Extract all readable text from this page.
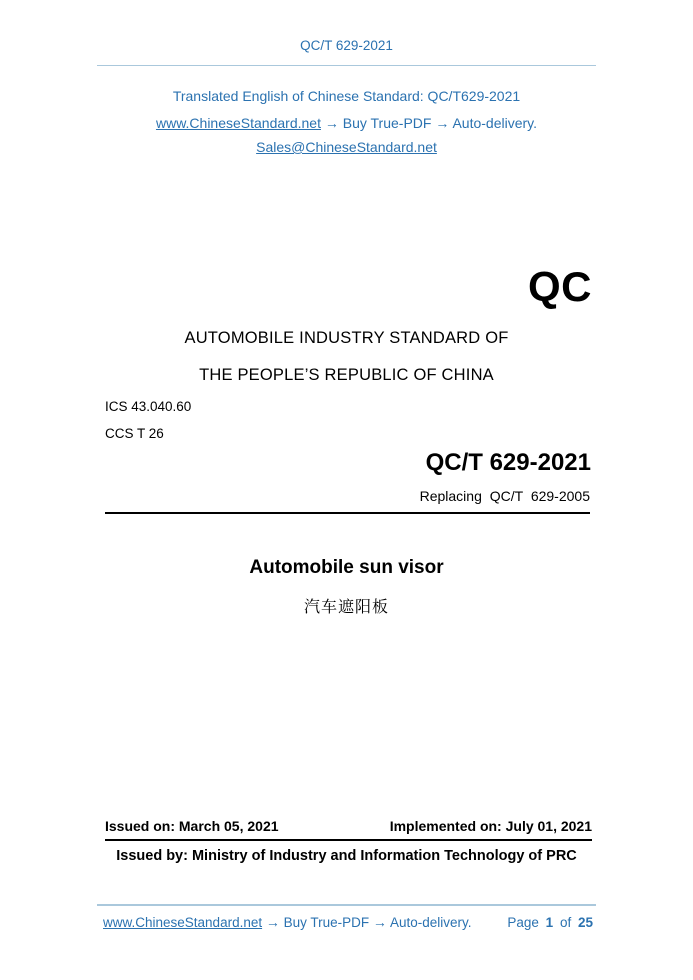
QC/T 629-2021
Translated English of Chinese Standard: QC/T629-2021
www.ChineseStandard.net → Buy True-PDF → Auto-delivery.
Sales@ChineseStandard.net
QC
AUTOMOBILE INDUSTRY STANDARD OF
THE PEOPLE’S REPUBLIC OF CHINA
ICS 43.040.60
CCS T 26
QC/T 629-2021
Replacing QC/T 629-2005
Automobile sun visor
汽车遮阳板
Issued on: March 05, 2021	Implemented on: July 01, 2021
Issued by: Ministry of Industry and Information Technology of PRC
www.ChineseStandard.net → Buy True-PDF → Auto-delivery.	Page 1 of 25
